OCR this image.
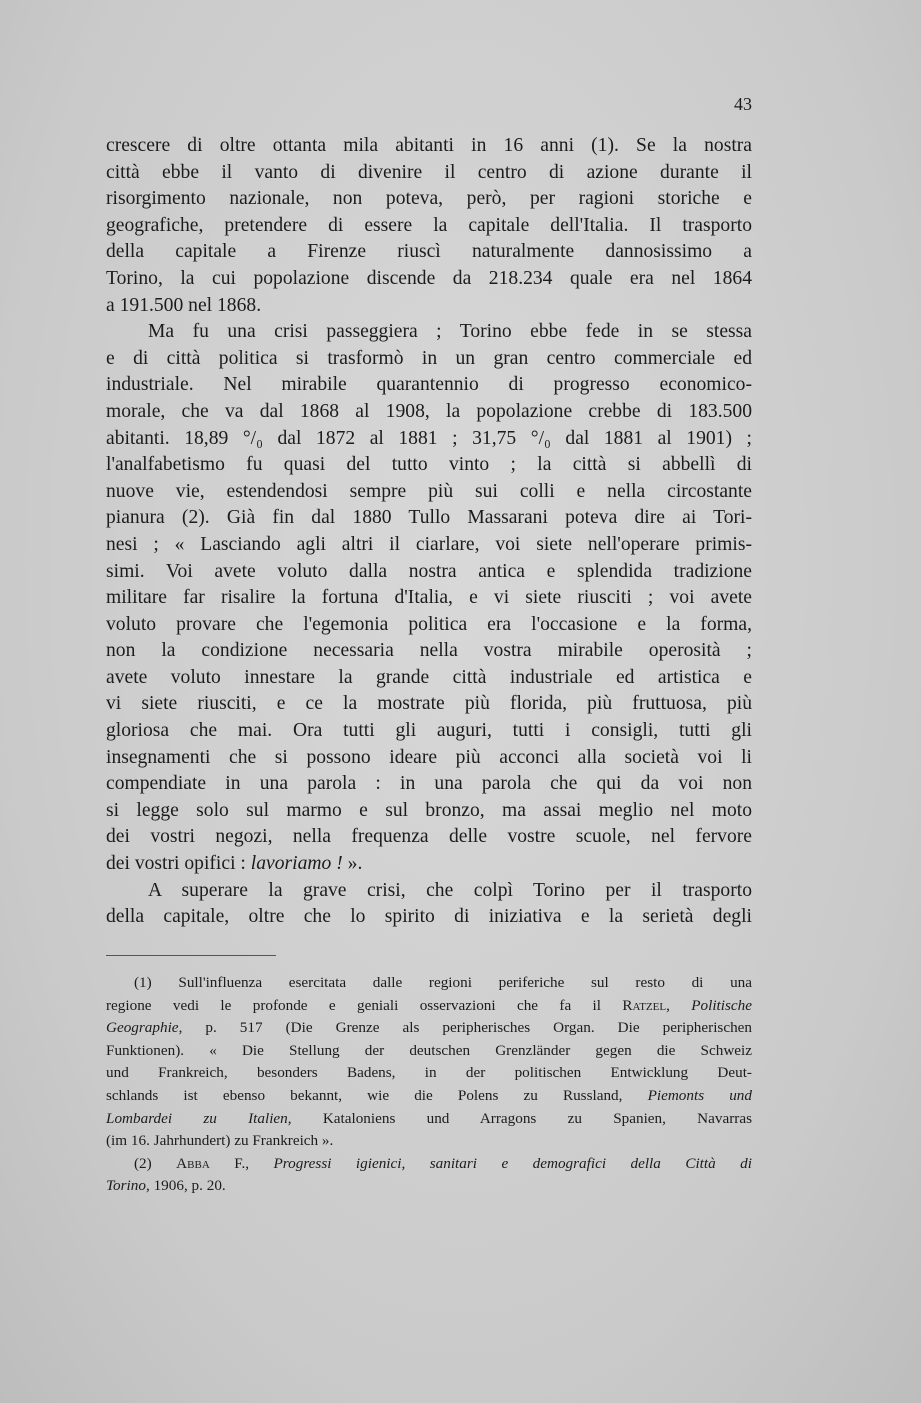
43
crescere di oltre ottanta mila abitanti in 16 anni (1). Se la nostra
città ebbe il vanto di divenire il centro di azione durante il
risorgimento nazionale, non poteva, però, per ragioni storiche e
geografiche, pretendere di essere la capitale dell'Italia. Il trasporto
della capitale a Firenze riuscì naturalmente dannosissimo a
Torino, la cui popolazione discende da 218.234 quale era nel 1864
a 191.500 nel 1868.
Ma fu una crisi passeggiera ; Torino ebbe fede in se stessa
e di città politica si trasformò in un gran centro commerciale ed
industriale. Nel mirabile quarantennio di progresso economico-
morale, che va dal 1868 al 1908, la popolazione crebbe di 183.500
abitanti. 18,89 °/₀ dal 1872 al 1881 ; 31,75 °/₀ dal 1881 al 1901) ;
l'analfabetismo fu quasi del tutto vinto ; la città si abbellì di
nuove vie, estendendosi sempre più sui colli e nella circostante
pianura (2). Già fin dal 1880 Tullo Massarani poteva dire ai Tori-
nesi ; « Lasciando agli altri il ciarlare, voi siete nell'operare primis-
simi. Voi avete voluto dalla nostra antica e splendida tradizione
militare far risalire la fortuna d'Italia, e vi siete riusciti ; voi avete
voluto provare che l'egemonia politica era l'occasione e la forma,
non la condizione necessaria nella vostra mirabile operosità ;
avete voluto innestare la grande città industriale ed artistica e
vi siete riusciti, e ce la mostrate più florida, più fruttuosa, più
gloriosa che mai. Ora tutti gli auguri, tutti i consigli, tutti gli
insegnamenti che si possono ideare più acconci alla società voi li
compendiate in una parola : in una parola che qui da voi non
si legge solo sul marmo e sul bronzo, ma assai meglio nel moto
dei vostri negozi, nella frequenza delle vostre scuole, nel fervore
dei vostri opifici : lavoriamo ! ».
A superare la grave crisi, che colpì Torino per il trasporto
della capitale, oltre che lo spirito di iniziativa e la serietà degli
(1) Sull'influenza esercitata dalle regioni periferiche sul resto di una
regione vedi le profonde e geniali osservazioni che fa il Ratzel, Politische
Geographie, p. 517 (Die Grenze als peripherisches Organ. Die peripherischen
Funktionen). « Die Stellung der deutschen Grenzländer gegen die Schweiz
und Frankreich, besonders Badens, in der politischen Entwicklung Deut-
schlands ist ebenso bekannt, wie die Polens zu Russland, Piemonts und
Lombardei zu Italien, Kataloniens und Arragons zu Spanien, Navarras
(im 16. Jahrhundert) zu Frankreich ».
(2) Abba F., Progressi igienici, sanitari e demografici della Città di
Torino, 1906, p. 20.
